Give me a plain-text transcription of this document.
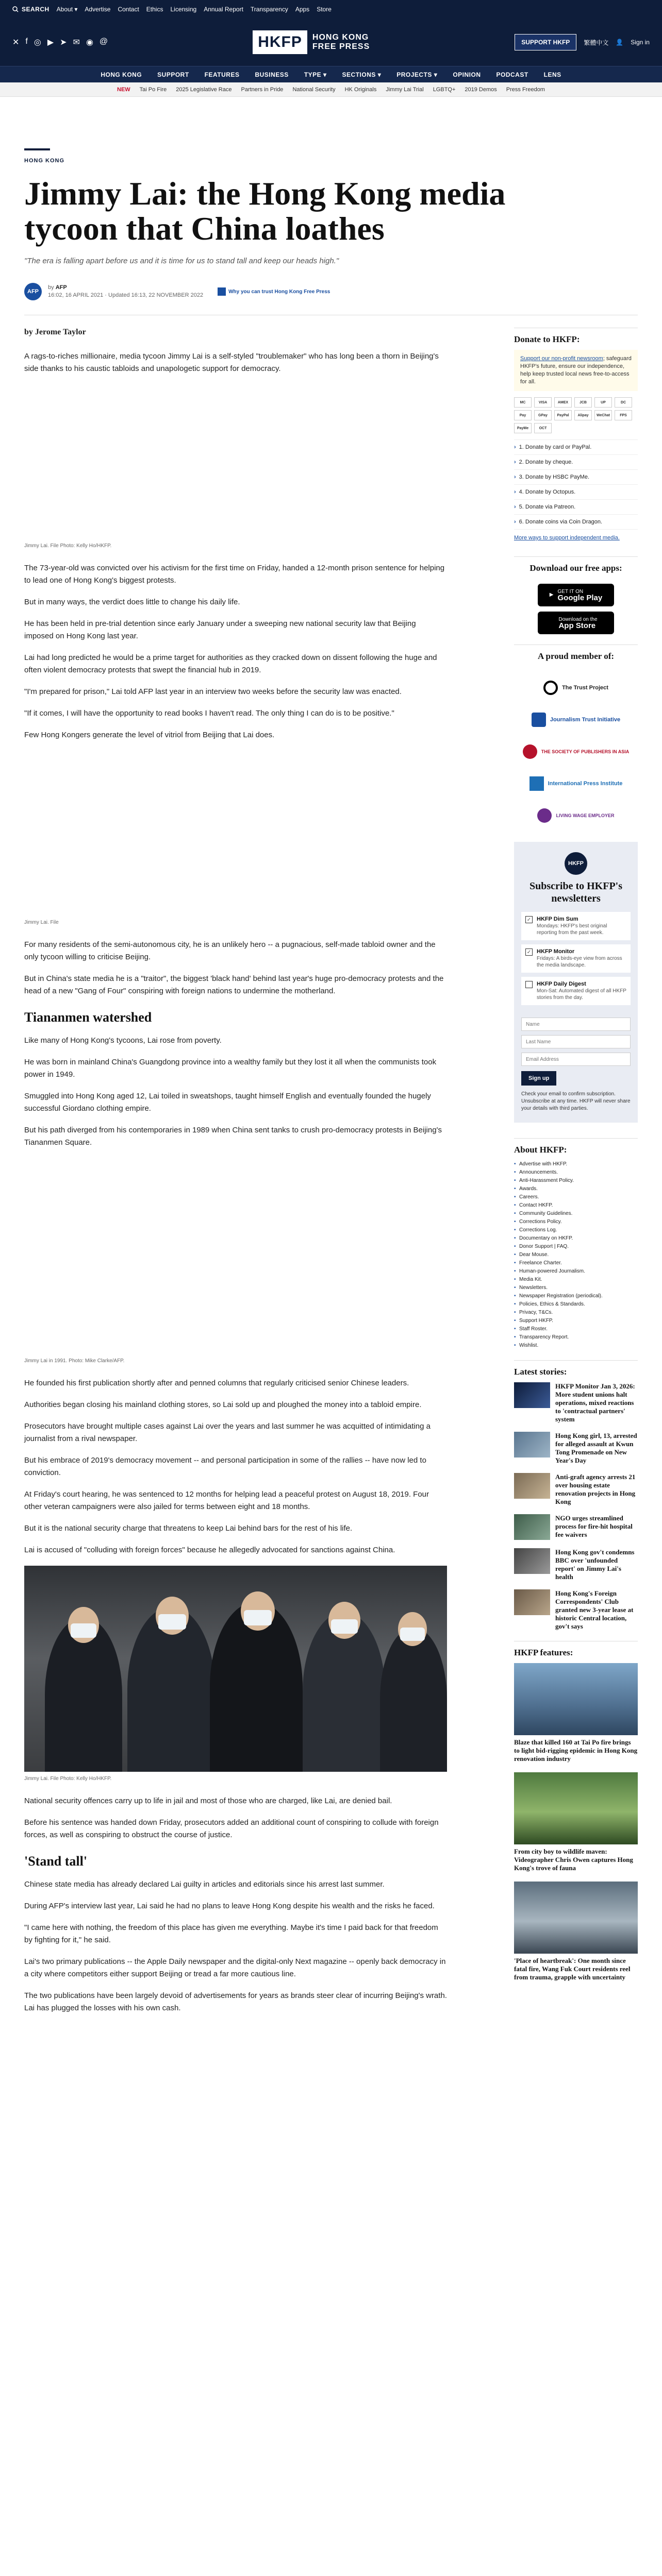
SEARCH About ▾ Advertise Contact Ethics Licensing Annual Report Transparency Apps Store
✕ f ◎ ▶ ➤ ✉ ◉ @	HKFP	HONG KONG
FREE PRESS	SUPPORT HKFP	繁體中文 👤 Sign in
HONG KONG	SUPPORT	FEATURES	BUSINESS	TYPE ▾	SECTIONS ▾	PROJECTS ▾	OPINION	PODCAST	LENS
NEW Tai Po Fire 2025 Legislative Race Partners in Pride National Security HK Originals Jimmy Lai Trial LGBTQ+ 2019 Demos Press Freedom
HONG KONG
Jimmy Lai: the Hong Kong media tycoon that China loathes
"The era is falling apart before us and it is time for us to stand tall and keep our heads high."
AFP
by AFP
16:02, 16 APRIL 2021 · Updated 16:13, 22 NOVEMBER 2022
Why you can trust Hong Kong Free Press
by Jerome Taylor

A rags-to-riches millionaire, media tycoon Jimmy Lai is a self-styled "troublemaker" who has long been a thorn in Beijing's side thanks to his caustic tabloids and unapologetic support for democracy.

Jimmy Lai. File Photo: Kelly Ho/HKFP.

The 73-year-old was convicted over his activism for the first time on Friday, handed a 12-month prison sentence for helping to lead one of Hong Kong's biggest protests.

But in many ways, the verdict does little to change his daily life.

He has been held in pre-trial detention since early January under a sweeping new national security law that Beijing imposed on Hong Kong last year.

Lai had long predicted he would be a prime target for authorities as they cracked down on dissent following the huge and often violent democracy protests that swept the financial hub in 2019.

"I'm prepared for prison," Lai told AFP last year in an interview two weeks before the security law was enacted.

"If it comes, I will have the opportunity to read books I haven't read. The only thing I can do is to be positive."

Few Hong Kongers generate the level of vitriol from Beijing that Lai does.

Jimmy Lai. File

For many residents of the semi-autonomous city, he is an unlikely hero -- a pugnacious, self-made tabloid owner and the only tycoon willing to criticise Beijing.

But in China's state media he is a "traitor", the biggest 'black hand' behind last year's huge pro-democracy protests and the head of a new "Gang of Four" conspiring with foreign nations to undermine the motherland.

Tiananmen watershed

Like many of Hong Kong's tycoons, Lai rose from poverty.

He was born in mainland China's Guangdong province into a wealthy family but they lost it all when the communists took power in 1949.

Smuggled into Hong Kong aged 12, Lai toiled in sweatshops, taught himself English and eventually founded the hugely successful Giordano clothing empire.

But his path diverged from his contemporaries in 1989 when China sent tanks to crush pro-democracy protests in Beijing's Tiananmen Square.

Jimmy Lai in 1991. Photo: Mike Clarke/AFP.

He founded his first publication shortly after and penned columns that regularly criticised senior Chinese leaders.

Authorities began closing his mainland clothing stores, so Lai sold up and ploughed the money into a tabloid empire.

Prosecutors have brought multiple cases against Lai over the years and last summer he was acquitted of intimidating a journalist from a rival newspaper.

But his embrace of 2019's democracy movement -- and personal participation in some of the rallies -- have now led to conviction.

At Friday's court hearing, he was sentenced to 12 months for helping lead a peaceful protest on August 18, 2019. Four other veteran campaigners were also jailed for terms between eight and 18 months.

But it is the national security charge that threatens to keep Lai behind bars for the rest of his life.

Lai is accused of "colluding with foreign forces" because he allegedly advocated for sanctions against China.

Jimmy Lai. File Photo: Kelly Ho/HKFP.

National security offences carry up to life in jail and most of those who are charged, like Lai, are denied bail.

Before his sentence was handed down Friday, prosecutors added an additional count of conspiring to collude with foreign forces, as well as conspiring to obstruct the course of justice.

'Stand tall'

Chinese state media has already declared Lai guilty in articles and editorials since his arrest last summer.

During AFP's interview last year, Lai said he had no plans to leave Hong Kong despite his wealth and the risks he faced.

"I came here with nothing, the freedom of this place has given me everything. Maybe it's time I paid back for that freedom by fighting for it," he said.

Lai's two primary publications -- the Apple Daily newspaper and the digital-only Next magazine -- openly back democracy in a city where competitors either support Beijing or tread a far more cautious line.

The two publications have been largely devoid of advertisements for years as brands steer clear of incurring Beijing's wrath. Lai has plugged the losses with his own cash.

Donate to HKFP:
Support our non-profit newsroom; safeguard HKFP's future, ensure our independence, help keep trusted local news free-to-access for all.
MC	VISA	AMEX	JCB	UP	DC
Pay	GPay	PayPal	Alipay	WeChat	FPS
PayMe	OCT
› 1. Donate by card or PayPal.
› 2. Donate by cheque.
› 3. Donate by HSBC PayMe.
› 4. Donate by Octopus.
› 5. Donate via Patreon.
› 6. Donate coins via Coin Dragon.
More ways to support independent media.
Download our free apps:
▶
GET IT ON
Google Play
Download on the
App Store
A proud member of:
The Trust Project
Journalism Trust Initiative
THE SOCIETY OF PUBLISHERS IN ASIA
International Press Institute
LIVING WAGE EMPLOYER
HKFP
Subscribe to HKFP's newsletters
✓ HKFP Dim Sum
Mondays: HKFP's best original reporting from the past week.
✓ HKFP Monitor
Fridays: A birds-eye view from across the media landscape.
HKFP Daily Digest
Mon-Sat: Automated digest of all HKFP stories from the day.
Name Last Name Email Address Sign up
Check your email to confirm subscription. Unsubscribe at any time. HKFP will never share your details with third parties.
About HKFP:
• Advertise with HKFP.
• Announcements.
• Anti-Harassment Policy.
• Awards.
• Careers.
• Contact HKFP.
• Community Guidelines.
• Corrections Policy.
• Corrections Log.
• Documentary on HKFP.
• Donor Support | FAQ.
• Dear Mouse.
• Freelance Charter.
• Human-powered Journalism.
• Media Kit.
• Newsletters.
• Newspaper Registration (periodical).
• Policies, Ethics & Standards.
• Privacy, T&Cs.
• Support HKFP.
• Staff Roster.
• Transparency Report.
• Wishlist.
Latest stories:
HKFP Monitor Jan 3, 2026: More student unions halt operations, mixed reactions to 'contractual partners' system
Hong Kong girl, 13, arrested for alleged assault at Kwun Tong Promenade on New Year's Day
Anti-graft agency arrests 21 over housing estate renovation projects in Hong Kong
NGO urges streamlined process for fire-hit hospital fee waivers
Hong Kong gov't condemns BBC over 'unfounded report' on Jimmy Lai's health
Hong Kong's Foreign Correspondents' Club granted new 3-year lease at historic Central location, gov't says
HKFP features:
Blaze that killed 160 at Tai Po fire brings to light bid-rigging epidemic in Hong Kong renovation industry
From city boy to wildlife maven: Videographer Chris Owen captures Hong Kong's trove of fauna
'Place of heartbreak': One month since fatal fire, Wang Fuk Court residents reel from trauma, grapple with uncertainty
